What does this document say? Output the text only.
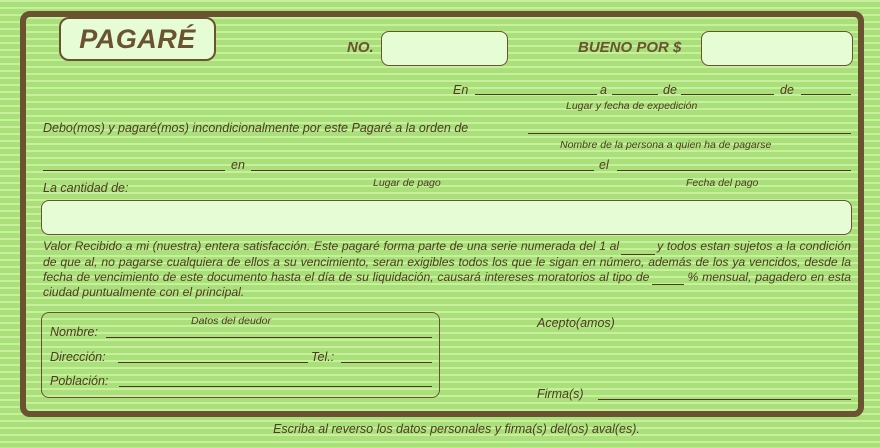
PAGARÉ	NO.	BUENO POR $
En	a	de	de
Lugar y fecha de expedición
Debo(mos) y pagaré(mos) incondicionalmente por este Pagaré a la orden de
Nombre de la persona a quien ha de pagarse
en	el
La cantidad de:	Lugar de pago	Fecha del pago
Valor Recibido a mi (nuestra) entera satisfacción. Este pagaré forma parte de una serie numerada del 1 al	y todos estan sujetos a la condición de que al, no pagarse cualquiera de ellos a su vencimiento, seran exigibles todos los que le sigan en número, además de los ya vencidos, desde la fecha de vencimiento de este documento hasta el día de su liquidación, causará intereses moratorios al tipo de	% mensual, pagadero en esta ciudad puntualmente con el principal.
Datos del deudor
Nombre:
Dirección:	Tel.:
Población:
Acepto(amos)
Firma(s)
Escriba al reverso los datos personales y firma(s) del(os) aval(es).
